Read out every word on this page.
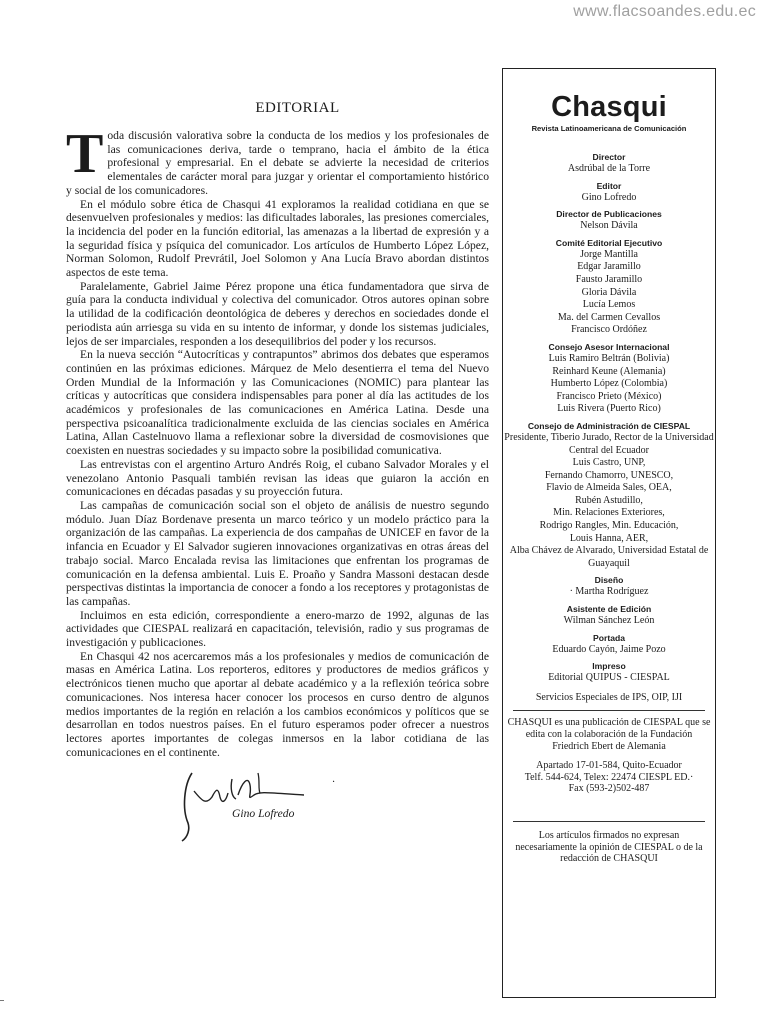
www.flacsoandes.edu.ec
EDITORIAL

Toda discusión valorativa sobre la conducta de los medios y los profesionales de las comunicaciones deriva, tarde o temprano, hacia el ámbito de la ética profesional y empresarial. En el debate se advierte la necesidad de criterios elementales de carácter moral para juzgar y orientar el comportamiento histórico y social de los comunicadores.

En el módulo sobre ética de Chasqui 41 exploramos la realidad cotidiana en que se desenvuelven profesionales y medios: las dificultades laborales, las presiones comerciales, la incidencia del poder en la función editorial, las amenazas a la libertad de expresión y a la seguridad física y psíquica del comunicador. Los artículos de Humberto López López, Norman Solomon, Rudolf Prevrátil, Joel Solomon y Ana Lucía Bravo abordan distintos aspectos de este tema.

Paralelamente, Gabriel Jaime Pérez propone una ética fundamentadora que sirva de guía para la conducta individual y colectiva del comunicador. Otros autores opinan sobre la utilidad de la codificación deontológica de deberes y derechos en sociedades donde el periodista aún arriesga su vida en su intento de informar, y donde los sistemas judiciales, lejos de ser imparciales, responden a los desequilibrios del poder y los recursos.

En la nueva sección “Autocríticas y contrapuntos” abrimos dos debates que esperamos continúen en las próximas ediciones. Márquez de Melo desentierra el tema del Nuevo Orden Mundial de la Información y las Comunicaciones (NOMIC) para plantear las críticas y autocríticas que considera indispensables para poner al día las actitudes de los académicos y profesionales de las comunicaciones en América Latina. Desde una perspectiva psicoanalítica tradicionalmente excluida de las ciencias sociales en América Latina, Allan Castelnuovo llama a reflexionar sobre la diversidad de cosmovisiones que coexisten en nuestras sociedades y su impacto sobre la posibilidad comunicativa.

Las entrevistas con el argentino Arturo Andrés Roig, el cubano Salvador Morales y el venezolano Antonio Pasquali también revisan las ideas que guiaron la acción en comunicaciones en décadas pasadas y su proyección futura.

Las campañas de comunicación social son el objeto de análisis de nuestro segundo módulo. Juan Díaz Bordenave presenta un marco teórico y un modelo práctico para la organización de las campañas. La experiencia de dos campañas de UNICEF en favor de la infancia en Ecuador y El Salvador sugieren innovaciones organizativas en otras áreas del trabajo social. Marco Encalada revisa las limitaciones que enfrentan los programas de comunicación en la defensa ambiental. Luis E. Proaño y Sandra Massoni destacan desde perspectivas distintas la importancia de conocer a fondo a los receptores y protagonistas de las campañas.

Incluimos en esta edición, correspondiente a enero-marzo de 1992, algunas de las actividades que CIESPAL realizará en capacitación, televisión, radio y sus programas de investigación y publicaciones.

En Chasqui 42 nos acercaremos más a los profesionales y medios de comunicación de masas en América Latina. Los reporteros, editores y productores de medios gráficos y electrónicos tienen mucho que aportar al debate académico y a la reflexión teórica sobre comunicaciones. Nos interesa hacer conocer los procesos en curso dentro de algunos medios importantes de la región en relación a los cambios económicos y políticos que se desarrollan en todos nuestros países. En el futuro esperamos poder ofrecer a nuestros lectores aportes importantes de colegas inmersos en la labor cotidiana de las comunicaciones en el continente.

Gino Lofredo
·
Chasqui
Revista Latinoamericana de Comunicación
Director
Asdrúbal de la Torre
Editor
Gino Lofredo
Director de Publicaciones
Nelson Dávila
Comité Editorial Ejecutivo
Jorge Mantilla
Edgar Jaramillo
Fausto Jaramillo
Gloria Dávila
Lucía Lemos
Ma. del Carmen Cevallos
Francisco Ordóñez
Consejo Asesor Internacional
Luis Ramiro Beltrán (Bolivia)
Reinhard Keune (Alemania)
Humberto López (Colombia)
Francisco Prieto (México)
Luis Rivera (Puerto Rico)
Consejo de Administración de CIESPAL
Presidente, Tiberio Jurado, Rector de la Universidad Central del Ecuador
Luis Castro, UNP,
Fernando Chamorro, UNESCO,
Flavio de Almeida Sales, OEA,
Rubén Astudillo,
Min. Relaciones Exteriores,
Rodrigo Rangles, Min. Educación,
Louis Hanna, AER,
Alba Chávez de Alvarado, Universidad Estatal de Guayaquil
Diseño
· Martha Rodríguez
Asistente de Edición
Wilman Sánchez León
Portada
Eduardo Cayón, Jaime Pozo
Impreso
Editorial QUIPUS - CIESPAL
Servicios Especiales de IPS, OIP, IJI
CHASQUI es una publicación de CIESPAL que se edita con la colaboración de la Fundación Friedrich Ebert de Alemania
Apartado 17-01-584, Quito-Ecuador
Telf. 544-624, Telex: 22474 CIESPL ED.·
Fax (593-2)502-487
Los artículos firmados no expresan necesariamente la opinión de CIESPAL o de la redacción de CHASQUI
